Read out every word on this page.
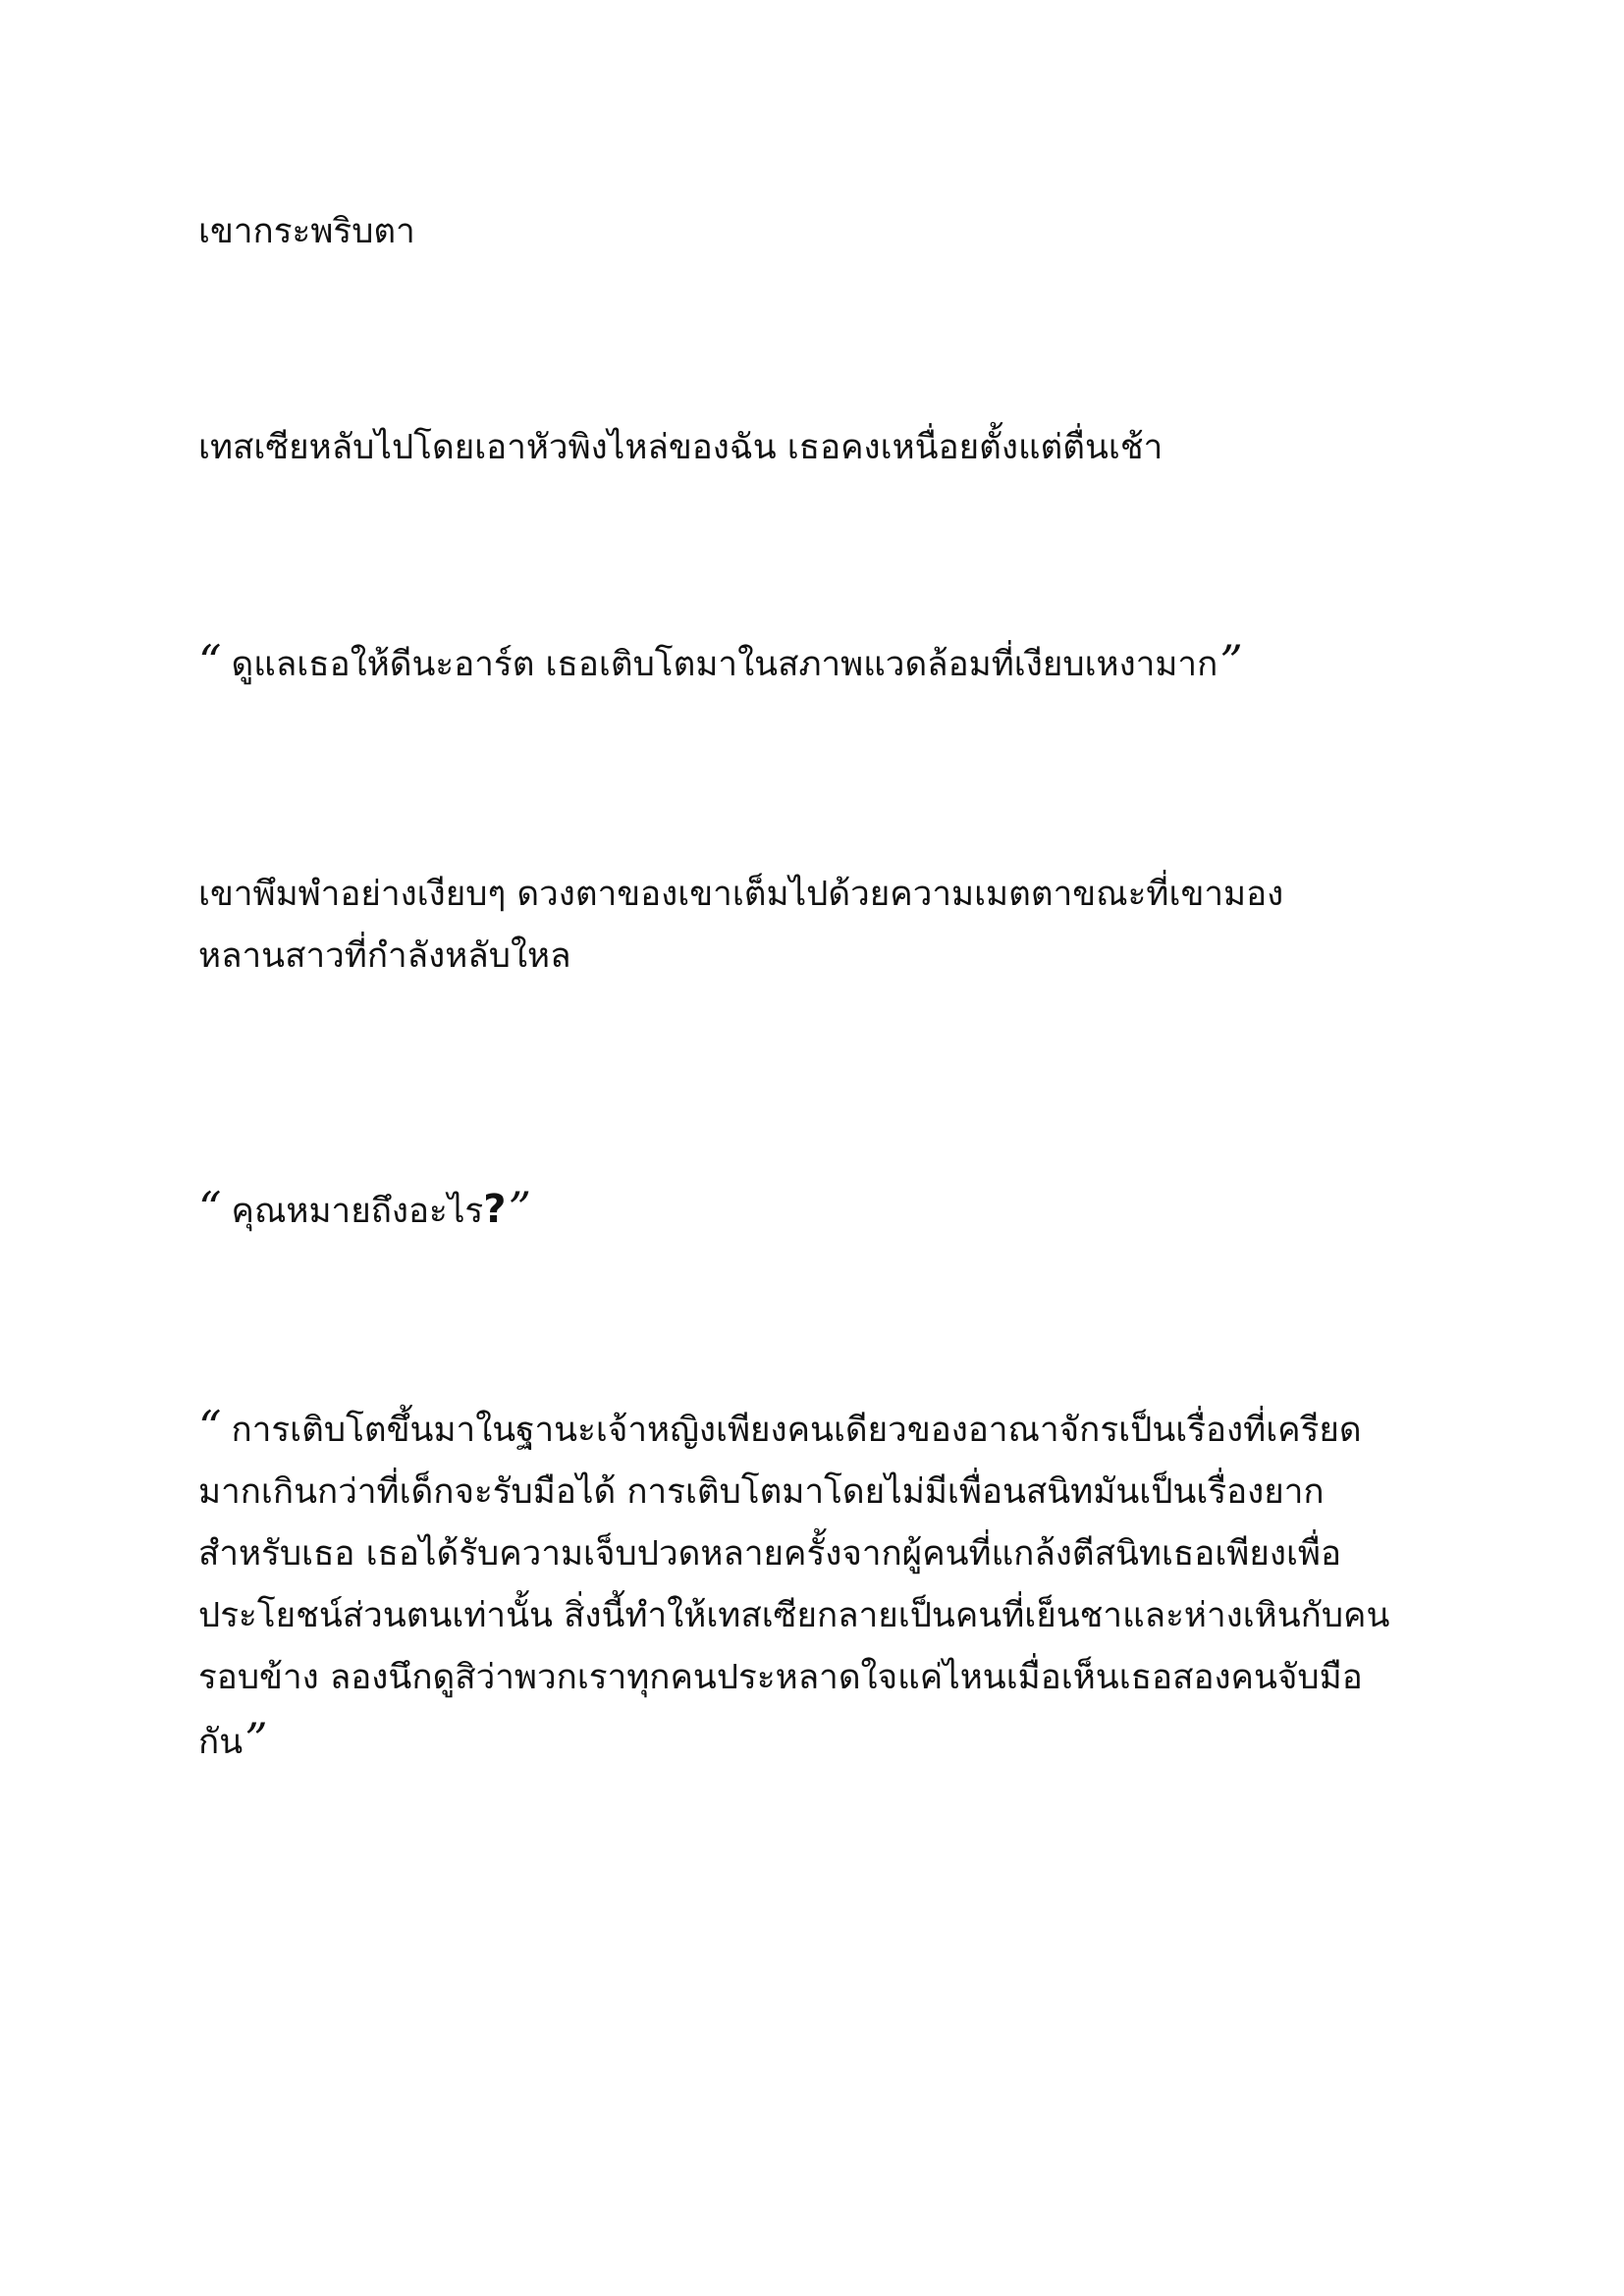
เขากระพริบตา

เทสเซียหลับไปโดยเอาหัวพิงไหล่ของฉัน เธอคงเหนื่อยตั้งแต่ตื่นเช้า

“ ดูแลเธอให้ดีนะอาร์ต เธอเติบโตมาในสภาพแวดล้อมที่เงียบเหงามาก”

เขาพึมพำอย่างเงียบๆ ดวงตาของเขาเต็มไปด้วยความเมตตาขณะที่เขามอง
หลานสาวที่กำลังหลับใหล

“ คุณหมายถึงอะไร?”

“ การเติบโตขึ้นมาในฐานะเจ้าหญิงเพียงคนเดียวของอาณาจักรเป็นเรื่องที่เครียด
มากเกินกว่าที่เด็กจะรับมือได้ การเติบโตมาโดยไม่มีเพื่อนสนิทมันเป็นเรื่องยาก
สำหรับเธอ เธอได้รับความเจ็บปวดหลายครั้งจากผู้คนที่แกล้งตีสนิทเธอเพียงเพื่อ
ประโยชน์ส่วนตนเท่านั้น สิ่งนี้ทำให้เทสเซียกลายเป็นคนที่เย็นชาและห่างเหินกับคน
รอบข้าง ลองนึกดูสิว่าพวกเราทุกคนประหลาดใจแค่ไหนเมื่อเห็นเธอสองคนจับมือ
กัน”
